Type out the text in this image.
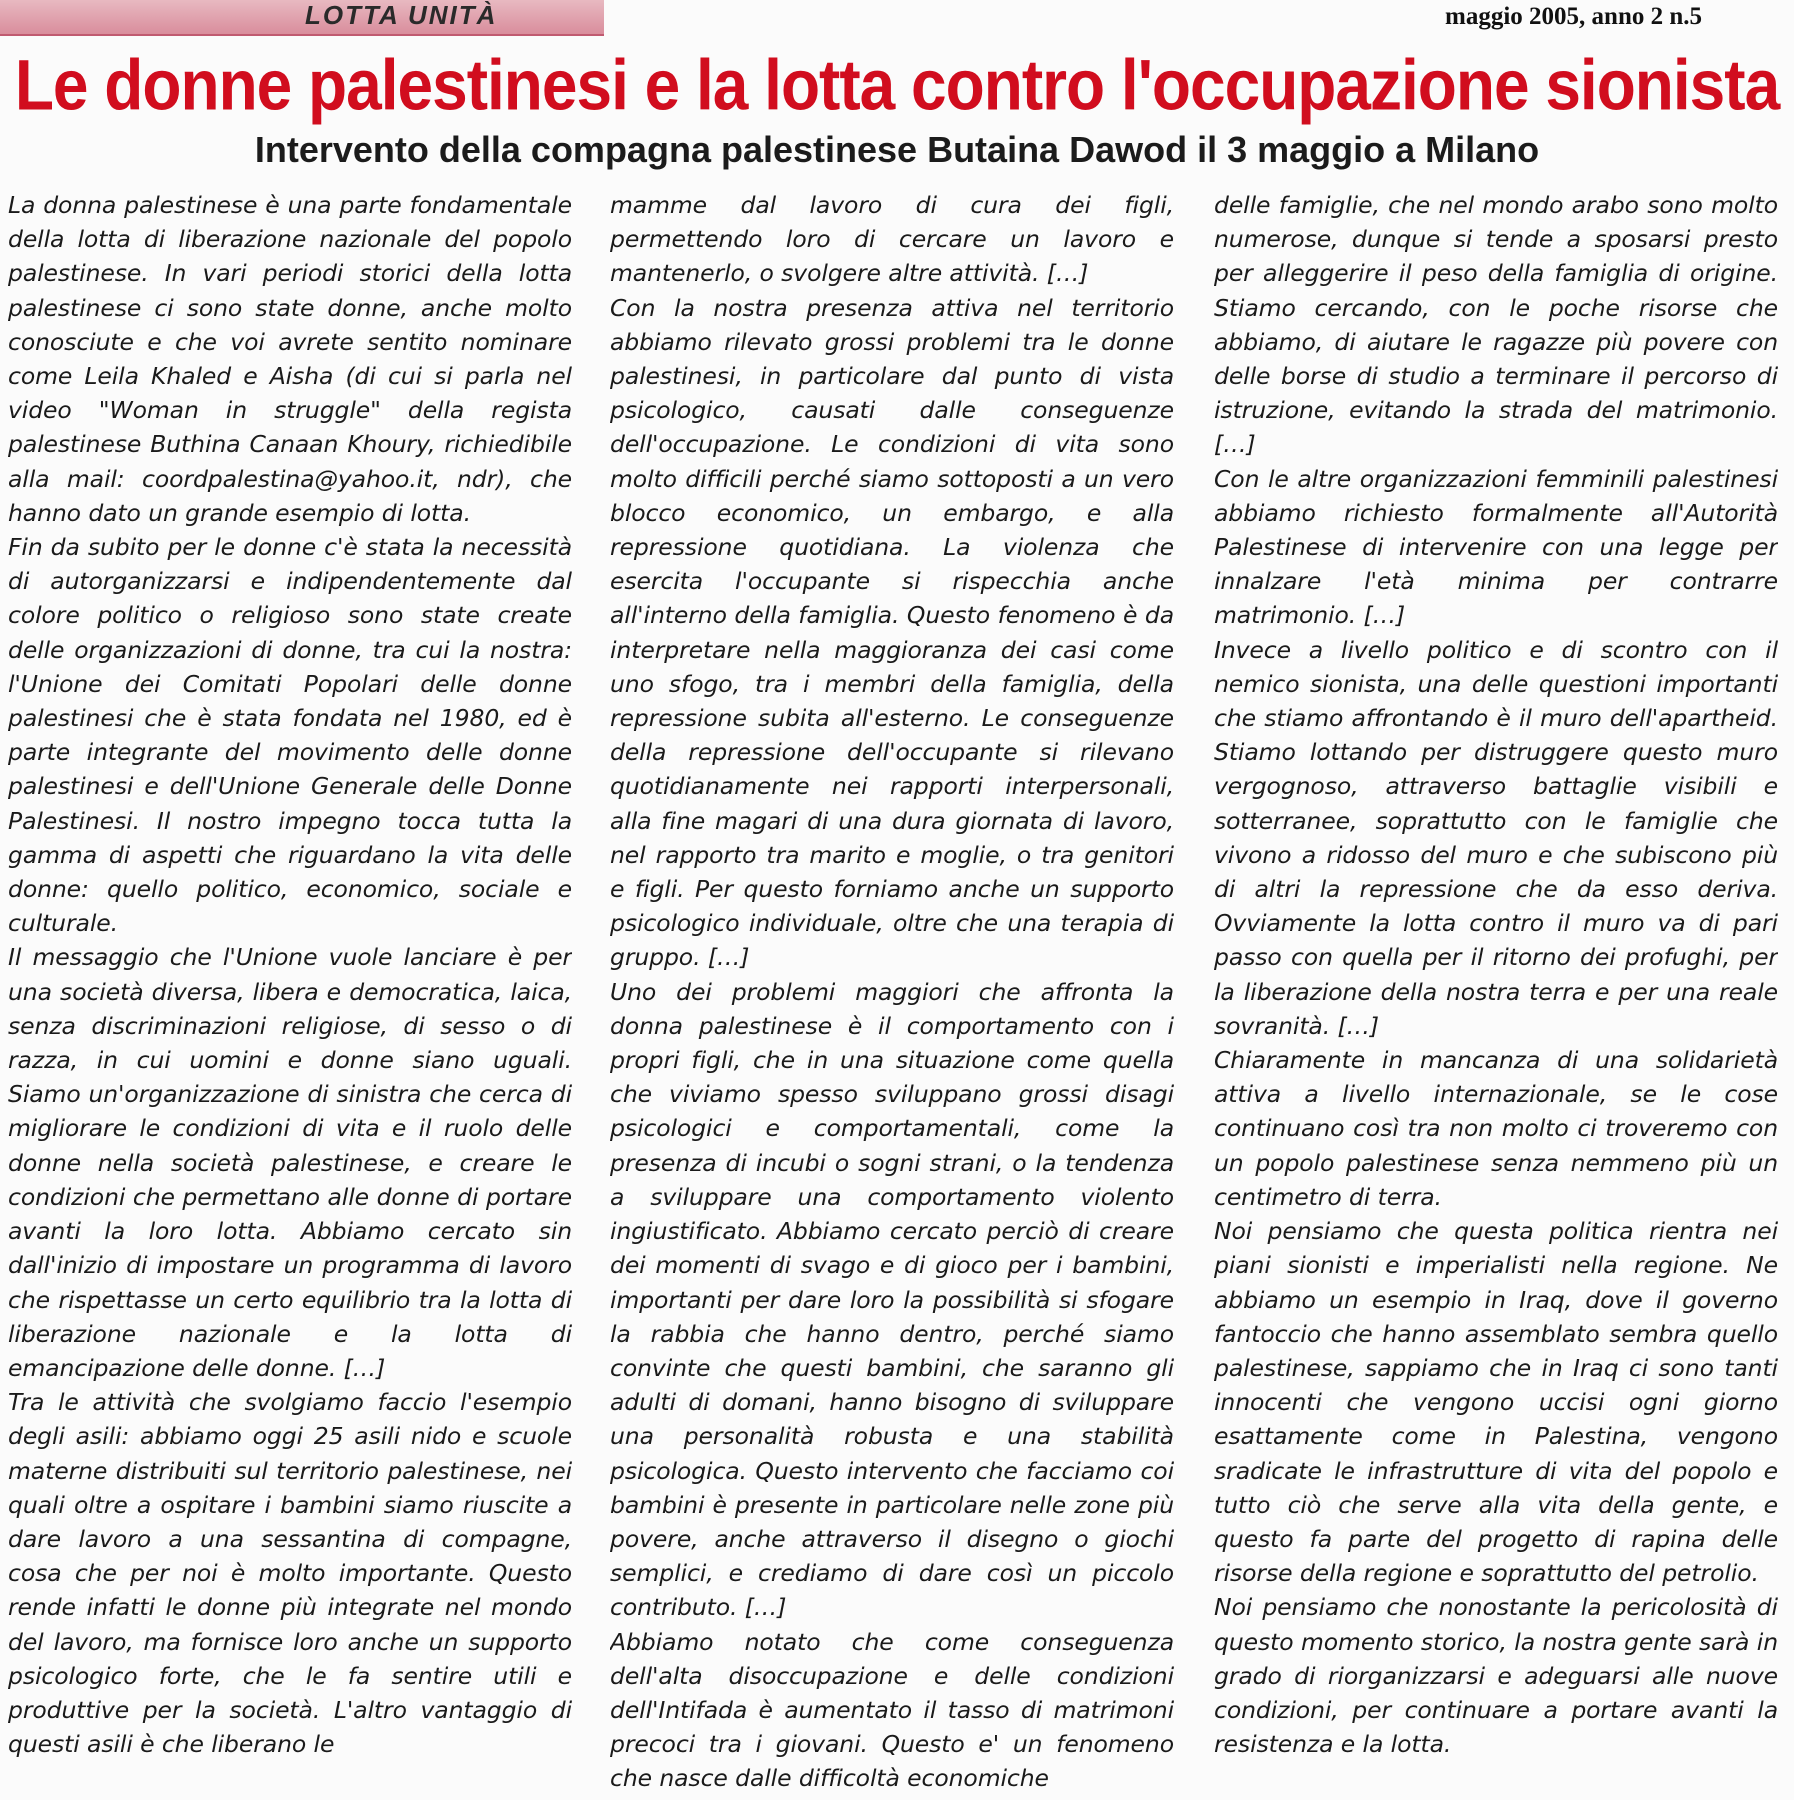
LOTTA UNITÀ	maggio 2005, anno 2 n.5
Le donne palestinesi e la lotta contro l'occupazione sionista
Intervento della compagna palestinese Butaina Dawod il 3 maggio a Milano

La donna palestinese è una parte fondamentale della lotta di liberazione nazionale del popolo palestinese. In vari periodi storici della lotta palestinese ci sono state donne, anche molto conosciute e che voi avrete sentito nominare come Leila Khaled e Aisha (di cui si parla nel video "Woman in struggle" della regista palestinese Buthina Canaan Khoury, richiedibile alla mail: coordpalestina@yahoo.it, ndr), che hanno dato un grande esempio di lotta.

Fin da subito per le donne c'è stata la necessità di autorganizzarsi e indipendentemente dal colore politico o religioso sono state create delle organizzazioni di donne, tra cui la nostra: l'Unione dei Comitati Popolari delle donne palestinesi che è stata fondata nel 1980, ed è parte integrante del movimento delle donne palestinesi e dell'Unione Generale delle Donne Palestinesi. Il nostro impegno tocca tutta la gamma di aspetti che riguardano la vita delle donne: quello politico, economico, sociale e culturale.

Il messaggio che l'Unione vuole lanciare è per una società diversa, libera e democratica, laica, senza discriminazioni religiose, di sesso o di razza, in cui uomini e donne siano uguali. Siamo un'organizzazione di sinistra che cerca di migliorare le condizioni di vita e il ruolo delle donne nella società palestinese, e creare le condizioni che permettano alle donne di portare avanti la loro lotta. Abbiamo cercato sin dall'inizio di impostare un programma di lavoro che rispettasse un certo equilibrio tra la lotta di liberazione nazionale e la lotta di emancipazione delle donne. […]

Tra le attività che svolgiamo faccio l'esempio degli asili: abbiamo oggi 25 asili nido e scuole materne distribuiti sul territorio palestinese, nei quali oltre a ospitare i bambini siamo riuscite a dare lavoro a una sessantina di compagne, cosa che per noi è molto importante. Questo rende infatti le donne più integrate nel mondo del lavoro, ma fornisce loro anche un supporto psicologico forte, che le fa sentire utili e produttive per la società. L'altro vantaggio di questi asili è che liberano le

mamme dal lavoro di cura dei figli, permettendo loro di cercare un lavoro e mantenerlo, o svolgere altre attività. […]

Con la nostra presenza attiva nel territorio abbiamo rilevato grossi problemi tra le donne palestinesi, in particolare dal punto di vista psicologico, causati dalle conseguenze dell'occupazione. Le condizioni di vita sono molto difficili perché siamo sottoposti a un vero blocco economico, un embargo, e alla repressione quotidiana. La violenza che esercita l'occupante si rispecchia anche all'interno della famiglia. Questo fenomeno è da interpretare nella maggioranza dei casi come uno sfogo, tra i membri della famiglia, della repressione subita all'esterno. Le conseguenze della repressione dell'occupante si rilevano quotidianamente nei rapporti interpersonali, alla fine magari di una dura giornata di lavoro, nel rapporto tra marito e moglie, o tra genitori e figli. Per questo forniamo anche un supporto psicologico individuale, oltre che una terapia di gruppo. […]

Uno dei problemi maggiori che affronta la donna palestinese è il comportamento con i propri figli, che in una situazione come quella che viviamo spesso sviluppano grossi disagi psicologici e comportamentali, come la presenza di incubi o sogni strani, o la tendenza a sviluppare una comportamento violento ingiustificato. Abbiamo cercato perciò di creare dei momenti di svago e di gioco per i bambini, importanti per dare loro la possibilità si sfogare la rabbia che hanno dentro, perché siamo convinte che questi bambini, che saranno gli adulti di domani, hanno bisogno di sviluppare una personalità robusta e una stabilità psicologica. Questo intervento che facciamo coi bambini è presente in particolare nelle zone più povere, anche attraverso il disegno o giochi semplici, e crediamo di dare così un piccolo contributo. […]

Abbiamo notato che come conseguenza dell'alta disoccupazione e delle condizioni dell'Intifada è aumentato il tasso di matrimoni precoci tra i giovani. Questo e' un fenomeno che nasce dalle difficoltà economiche

delle famiglie, che nel mondo arabo sono molto numerose, dunque si tende a sposarsi presto per alleggerire il peso della famiglia di origine. Stiamo cercando, con le poche risorse che abbiamo, di aiutare le ragazze più povere con delle borse di studio a terminare il percorso di istruzione, evitando la strada del matrimonio. […]

Con le altre organizzazioni femminili palestinesi abbiamo richiesto formalmente all'Autorità Palestinese di intervenire con una legge per innalzare l'età minima per contrarre matrimonio. […]

Invece a livello politico e di scontro con il nemico sionista, una delle questioni importanti che stiamo affrontando è il muro dell'apartheid. Stiamo lottando per distruggere questo muro vergognoso, attraverso battaglie visibili e sotterranee, soprattutto con le famiglie che vivono a ridosso del muro e che subiscono più di altri la repressione che da esso deriva. Ovviamente la lotta contro il muro va di pari passo con quella per il ritorno dei profughi, per la liberazione della nostra terra e per una reale sovranità. […]

Chiaramente in mancanza di una solidarietà attiva a livello internazionale, se le cose continuano così tra non molto ci troveremo con un popolo palestinese senza nemmeno più un centimetro di terra.

Noi pensiamo che questa politica rientra nei piani sionisti e imperialisti nella regione. Ne abbiamo un esempio in Iraq, dove il governo fantoccio che hanno assemblato sembra quello palestinese, sappiamo che in Iraq ci sono tanti innocenti che vengono uccisi ogni giorno esattamente come in Palestina, vengono sradicate le infrastrutture di vita del popolo e tutto ciò che serve alla vita della gente, e questo fa parte del progetto di rapina delle risorse della regione e soprattutto del petrolio.

Noi pensiamo che nonostante la pericolosità di questo momento storico, la nostra gente sarà in grado di riorganizzarsi e adeguarsi alle nuove condizioni, per continuare a portare avanti la resistenza e la lotta.
